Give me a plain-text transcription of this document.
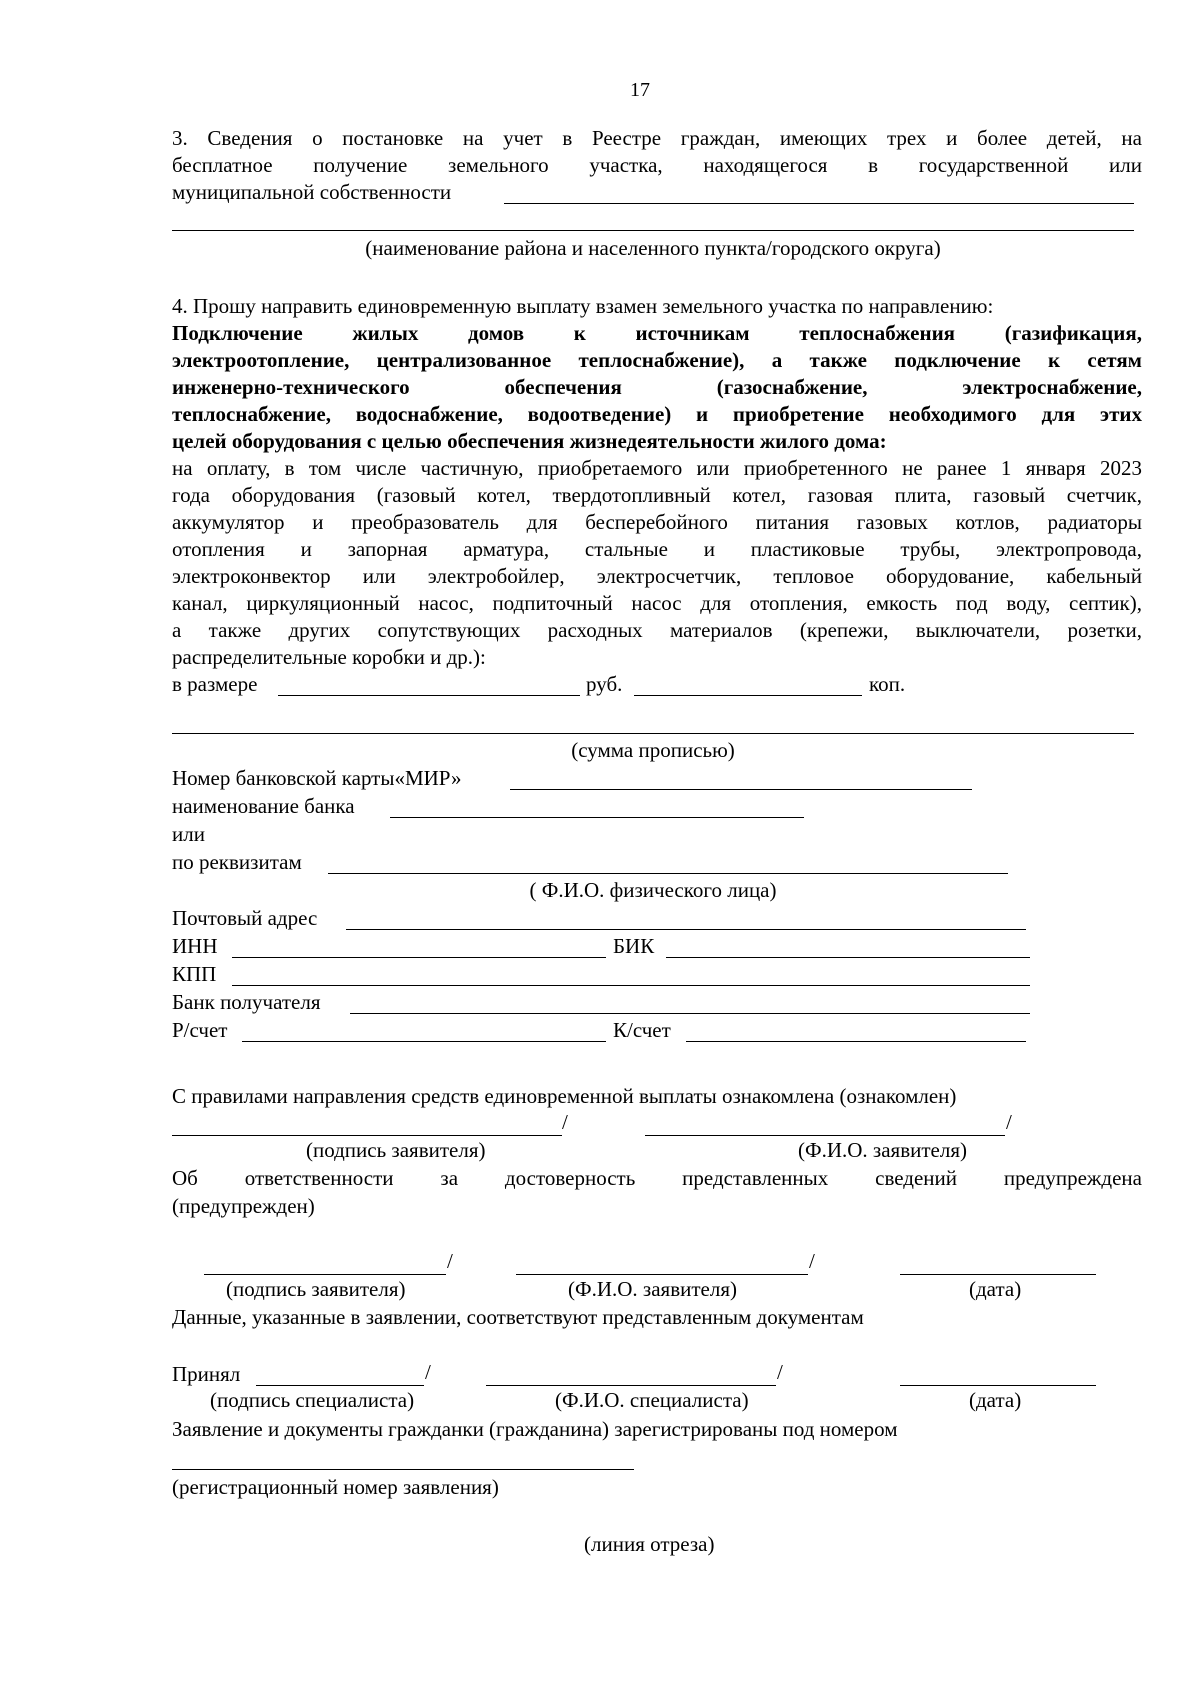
17
3. Сведения о постановке на учет в Реестре граждан, имеющих трех и более детей, на
бесплатное получение земельного участка, находящегося в государственной или
муниципальной собственности
(наименование района и населенного пункта/городского округа)
4. Прошу направить единовременную выплату взамен земельного участка по направлению:
Подключение жилых домов к источникам теплоснабжения (газификация,
электроотопление, централизованное теплоснабжение), а также подключение к сетям
инженерно-технического обеспечения (газоснабжение, электроснабжение,
теплоснабжение, водоснабжение, водоотведение) и приобретение необходимого для этих
целей оборудования с целью обеспечения жизнедеятельности жилого дома:
на оплату, в том числе частичную, приобретаемого или приобретенного не ранее 1 января 2023
года оборудования (газовый котел, твердотопливный котел, газовая плита, газовый счетчик,
аккумулятор и преобразователь для бесперебойного питания газовых котлов, радиаторы
отопления и запорная арматура, стальные и пластиковые трубы, электропровода,
электроконвектор или электробойлер, электросчетчик, тепловое оборудование, кабельный
канал, циркуляционный насос, подпиточный насос для отопления, емкость под воду, септик),
а также других сопутствующих расходных материалов (крепежи, выключатели, розетки,
распределительные коробки и др.):
в размере	руб.	коп.
(сумма прописью)
Номер банковской карты«МИР»
наименование банка
или
по реквизитам
( Ф.И.О. физического лица)
Почтовый адрес
ИНН	БИК
КПП
Банк получателя
Р/счет	К/счет
С правилами направления средств единовременной выплаты ознакомлена (ознакомлен)
/	/
(подпись заявителя)	(Ф.И.О. заявителя)
Об ответственности за достоверность представленных сведений предупреждена
(предупрежден)
/	/
(подпись заявителя)	(Ф.И.О. заявителя)	(дата)
Данные, указанные в заявлении, соответствуют представленным документам
Принял	/	/
(подпись специалиста)	(Ф.И.О. специалиста)	(дата)
Заявление и документы гражданки (гражданина) зарегистрированы под номером
(регистрационный номер заявления)
(линия отреза)
